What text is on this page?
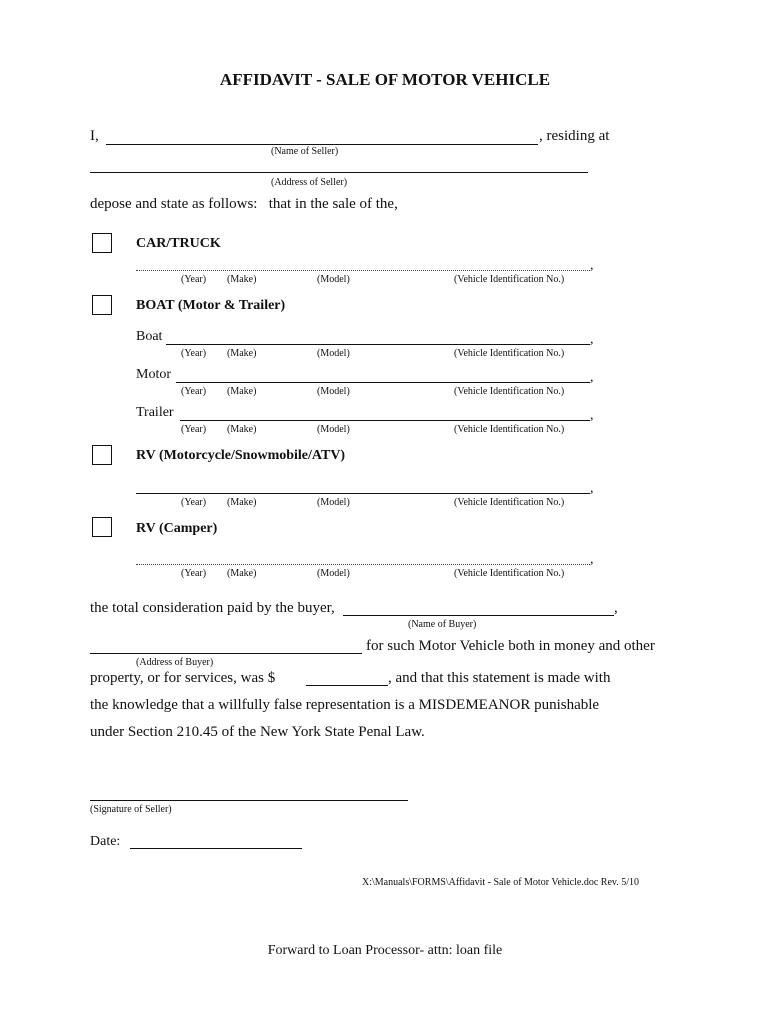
AFFIDAVIT - SALE OF MOTOR VEHICLE
I,	, residing at
(Name of Seller)
(Address of Seller)
depose and state as follows:   that in the sale of the,
CAR/TRUCK
,
(Year) (Make)	(Model)	(Vehicle Identification No.)
BOAT (Motor & Trailer)
Boat	,
(Year) (Make)	(Model)	(Vehicle Identification No.)
Motor	,
(Year) (Make)	(Model)	(Vehicle Identification No.)
Trailer	,
(Year) (Make)	(Model)	(Vehicle Identification No.)
RV (Motorcycle/Snowmobile/ATV)
,
(Year) (Make)	(Model)	(Vehicle Identification No.)
RV (Camper)
,
(Year) (Make)	(Model)	(Vehicle Identification No.)
the total consideration paid by the buyer,	,
(Name of Buyer)
for such Motor Vehicle both in money and other
(Address of Buyer)
property, or for services, was $	, and that this statement is made with
the knowledge that a willfully false representation is a MISDEMEANOR punishable
under Section 210.45 of the New York State Penal Law.
(Signature of Seller)
Date:
X:\Manuals\FORMS\Affidavit - Sale of Motor Vehicle.doc Rev. 5/10
Forward to Loan Processor- attn: loan file
